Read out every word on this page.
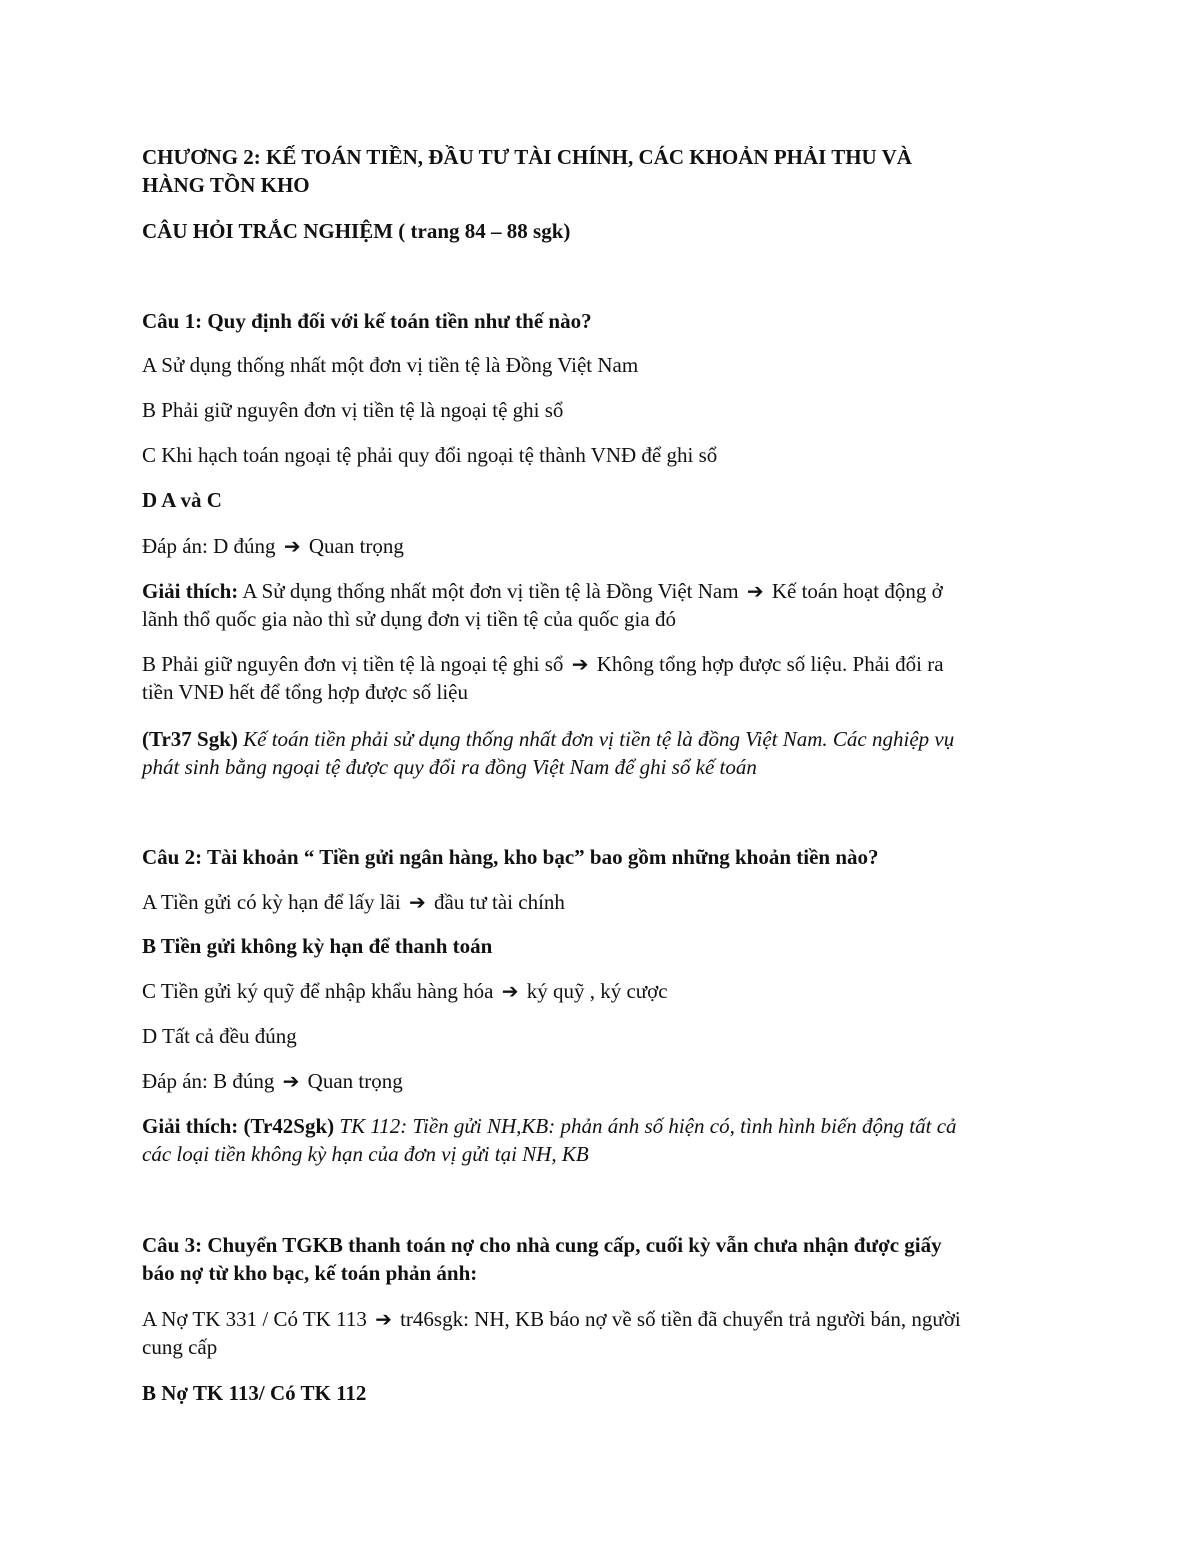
CHƯƠNG 2: KẾ TOÁN TIỀN, ĐẦU TƯ TÀI CHÍNH, CÁC KHOẢN PHẢI THU VÀ
HÀNG TỒN KHO
CÂU HỎI TRẮC NGHIỆM ( trang 84 – 88 sgk)
Câu 1: Quy định đối với kế toán tiền như thế nào?
A Sử dụng thống nhất một đơn vị tiền tệ là Đồng Việt Nam
B Phải giữ nguyên đơn vị tiền tệ là ngoại tệ ghi sổ
C Khi hạch toán ngoại tệ phải quy đổi ngoại tệ thành VNĐ để ghi sổ
D A và C
Đáp án: D đúng ➔ Quan trọng
Giải thích: A Sử dụng thống nhất một đơn vị tiền tệ là Đồng Việt Nam ➔ Kế toán hoạt động ở
lãnh thổ quốc gia nào thì sử dụng đơn vị tiền tệ của quốc gia đó
B Phải giữ nguyên đơn vị tiền tệ là ngoại tệ ghi sổ ➔ Không tổng hợp được số liệu. Phải đổi ra
tiền VNĐ hết để tổng hợp được số liệu
(Tr37 Sgk) Kế toán tiền phải sử dụng thống nhất đơn vị tiền tệ là đồng Việt Nam. Các nghiệp vụ
phát sinh bằng ngoại tệ được quy đổi ra đồng Việt Nam để ghi sổ kế toán
Câu 2: Tài khoản “ Tiền gửi ngân hàng, kho bạc” bao gồm những khoản tiền nào?
A Tiền gửi có kỳ hạn để lấy lãi ➔ đầu tư tài chính
B Tiền gửi không kỳ hạn để thanh toán
C Tiền gửi ký quỹ để nhập khẩu hàng hóa ➔ ký quỹ , ký cược
D Tất cả đều đúng
Đáp án: B đúng ➔ Quan trọng
Giải thích: (Tr42Sgk) TK 112: Tiền gửi NH,KB: phản ánh số hiện có, tình hình biến động tất cả
các loại tiền không kỳ hạn của đơn vị gửi tại NH, KB
Câu 3: Chuyển TGKB thanh toán nợ cho nhà cung cấp, cuối kỳ vẫn chưa nhận được giấy
báo nợ từ kho bạc, kế toán phản ánh:
A Nợ TK 331 / Có TK 113 ➔ tr46sgk: NH, KB báo nợ về số tiền đã chuyển trả người bán, người
cung cấp
B Nợ TK 113/ Có TK 112
